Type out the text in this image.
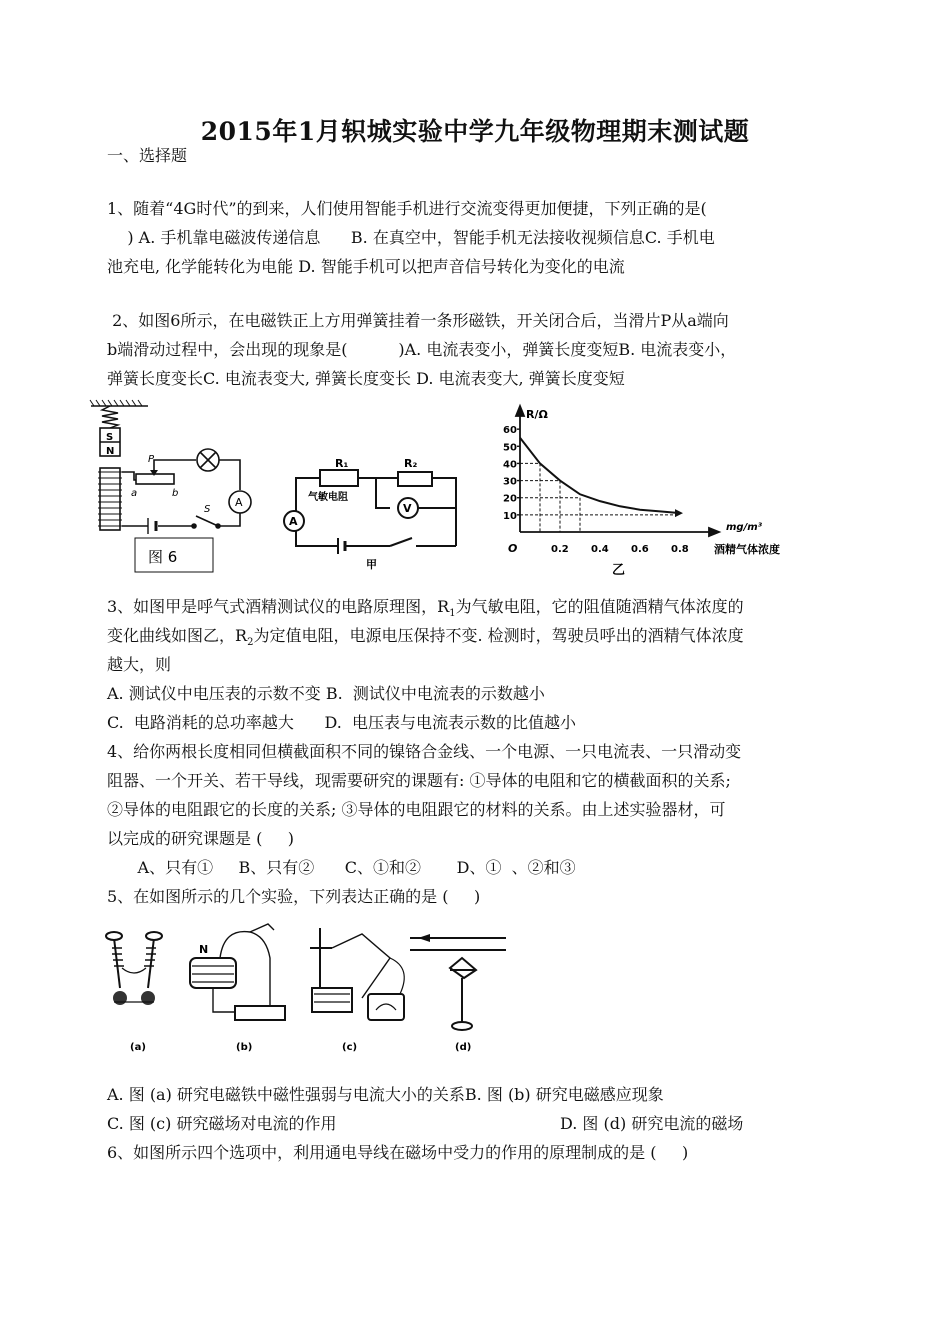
2015年1月轵城实验中学九年级物理期末测试题
一、选择题
1、随着“4G时代”的到来，人们使用智能手机进行交流变得更加便捷，下列正确的是(
) A. 手机靠电磁波传递信息      B. 在真空中，智能手机无法接收视频信息C. 手机电
池充电, 化学能转化为电能 D. 智能手机可以把声音信号转化为变化的电流
2、如图6所示，在电磁铁正上方用弹簧挂着一条形磁铁，开关闭合后，当滑片P从a端向
b端滑动过程中，会出现的现象是(          )A. 电流表变小，弹簧长度变短B. 电流表变小，
弹簧长度变长C. 电流表变大, 弹簧长度变长 D. 电流表变大, 弹簧长度变短
S
N
P
a	b
S
A
图 6
R₁	R₂
气敏电阻
A
V
甲
R/Ω
O
mg/m³
酒精气体浓度
乙
10
20
30
40
50
60
0.2 0.4 0.6 0.8
3、如图甲是呼气式酒精测试仪的电路原理图，$R_1$为气敏电阻，它的阻值随酒精气体浓度的
变化曲线如图乙，$R_2$为定值电阻，电源电压保持不变. 检测时，驾驶员呼出的酒精气体浓度
越大，则
A. 测试仪中电压表的示数不变 B.  测试仪中电流表的示数越小
C.  电路消耗的总功率越大      D.  电压表与电流表示数的比值越小
4、给你两根长度相同但横截面积不同的镍铬合金线、一个电源、一只电流表、一只滑动变
阻器、一个开关、若干导线，现需要研究的课题有: ①导体的电阻和它的横截面积的关系;
②导体的电阻跟它的长度的关系; ③导体的电阻跟它的材料的关系。由上述实验器材，可
以完成的研究课题是 (     )
A、只有①     B、只有②      C、①和②       D、①  、②和③
5、在如图所示的几个实验，下列表达正确的是 (     )
N
(a)	(b)	(c)	(d)
A. 图 (a) 研究电磁铁中磁性强弱与电流大小的关系B. 图 (b) 研究电磁感应现象
C. 图 (c) 研究磁场对电流的作用	D. 图 (d) 研究电流的磁场
6、如图所示四个选项中，利用通电导线在磁场中受力的作用的原理制成的是 (     )
